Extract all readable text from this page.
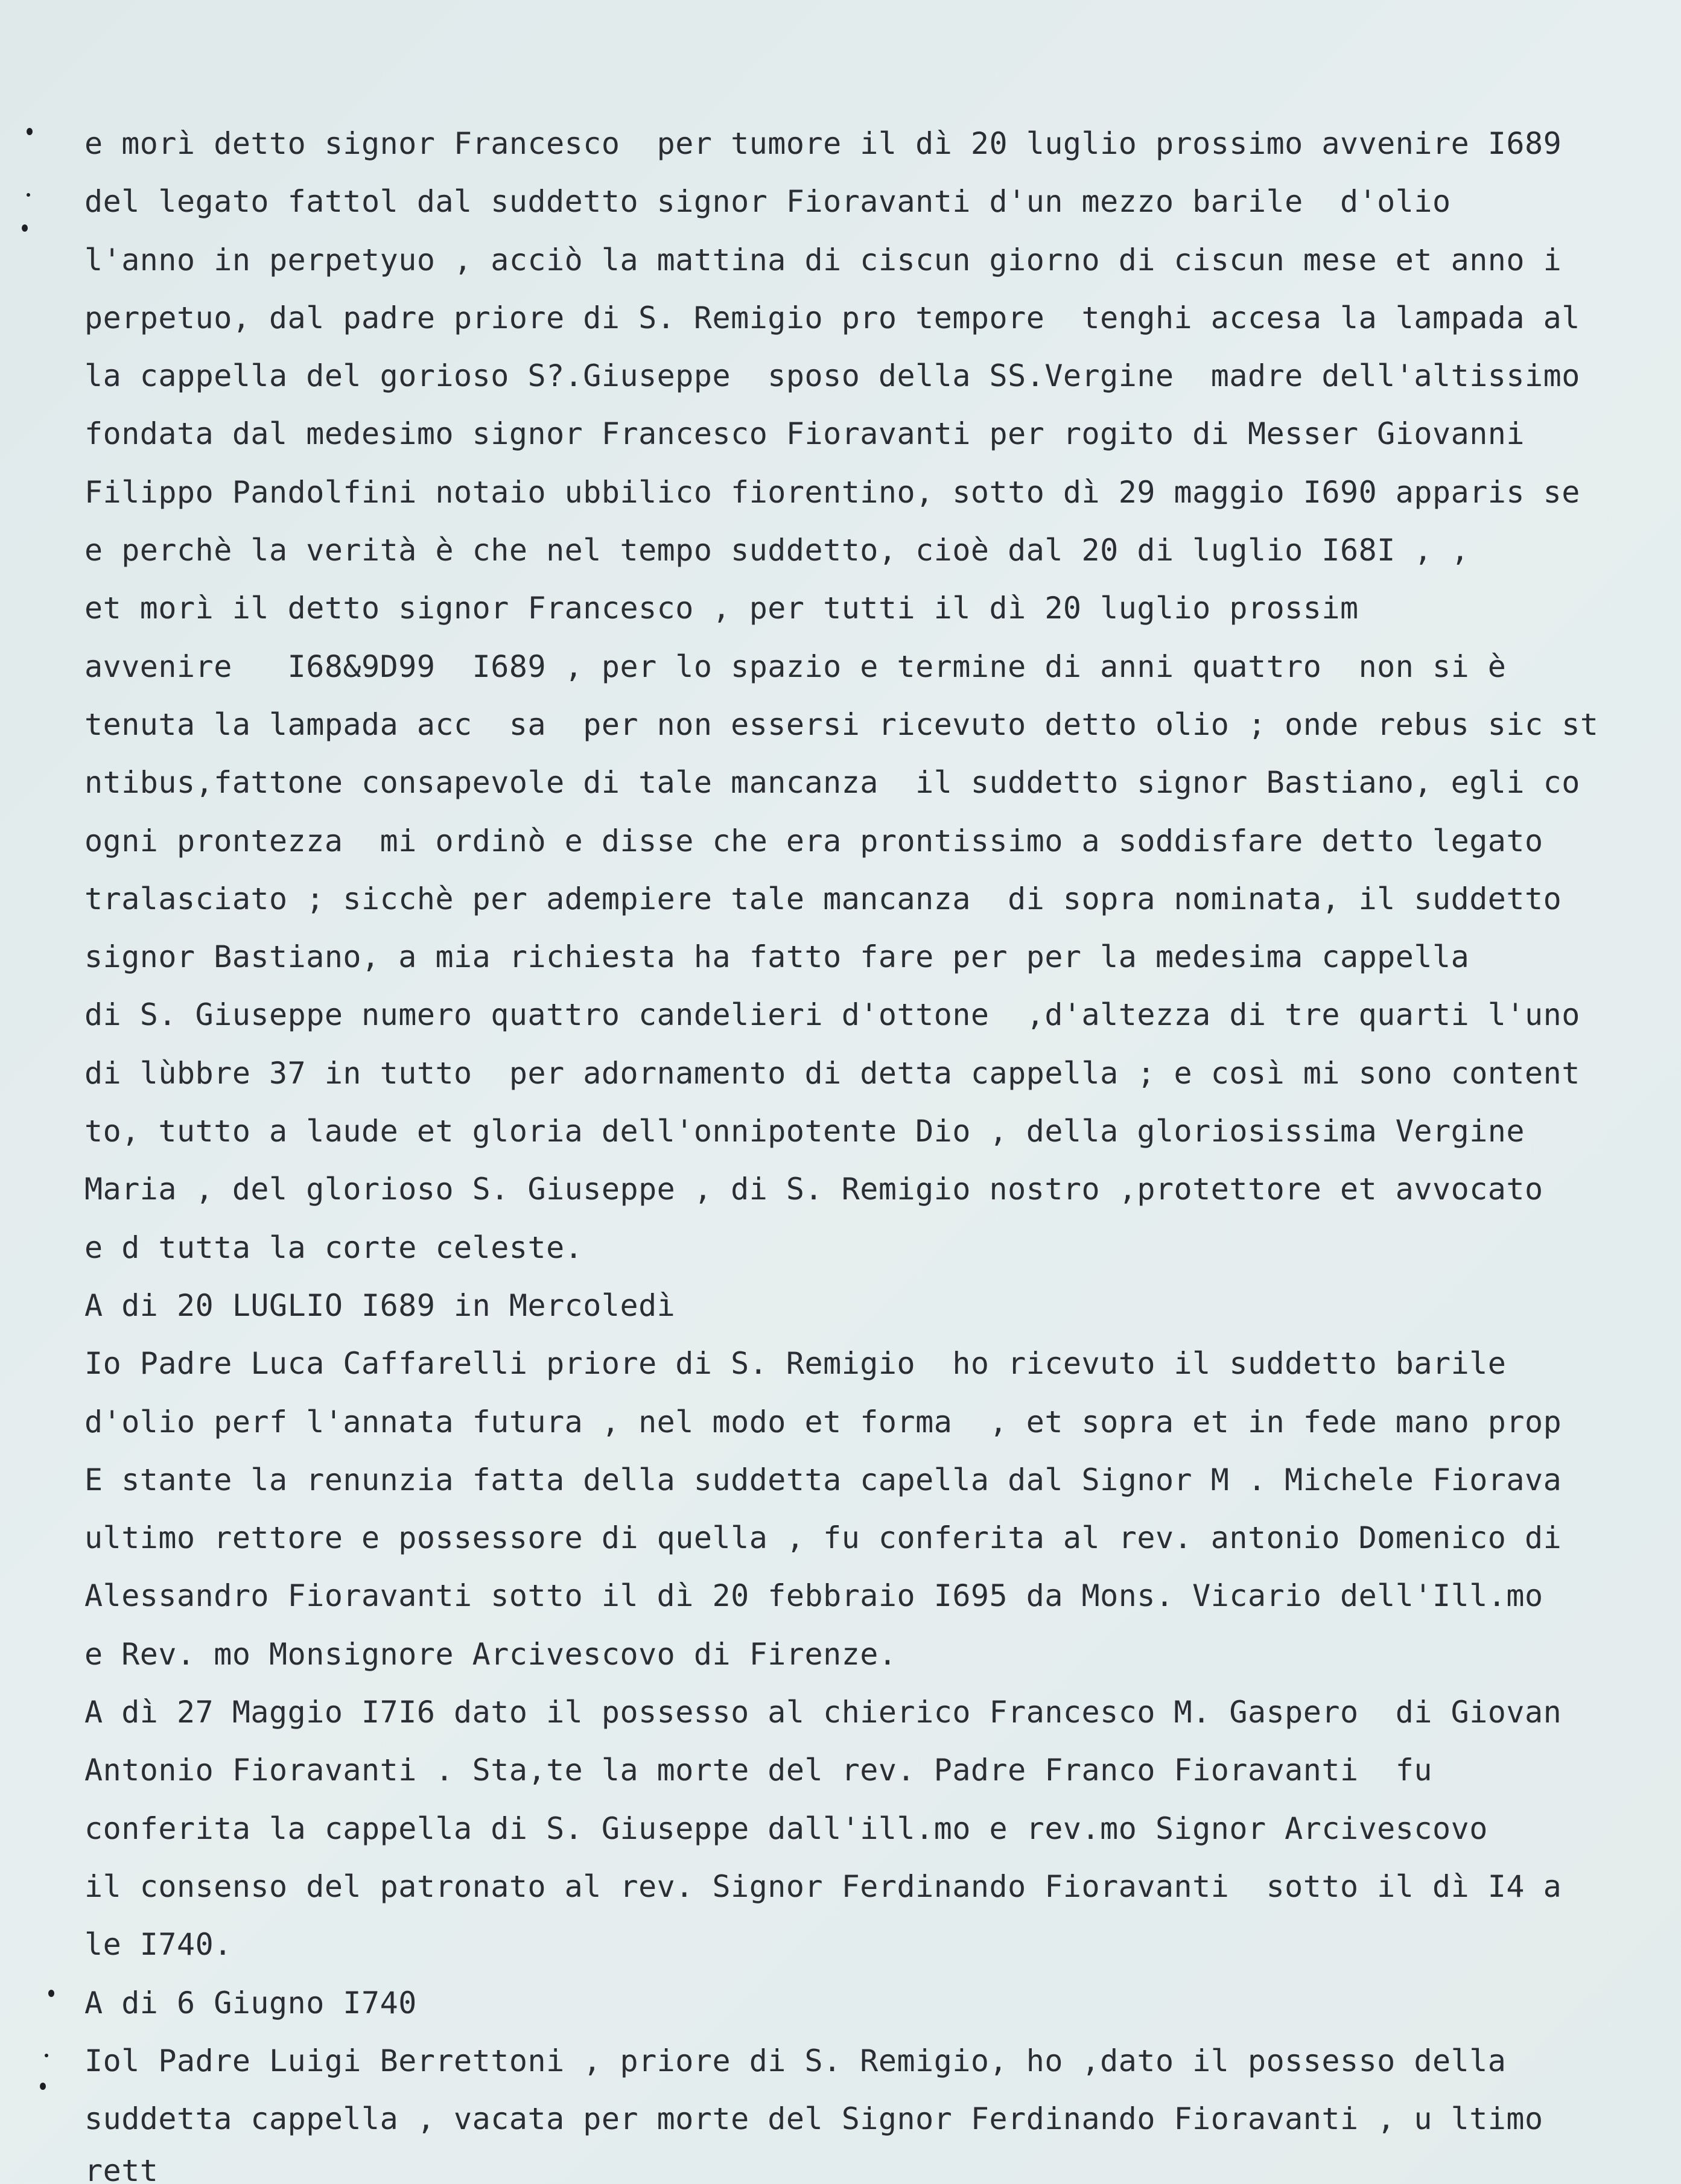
e morì detto signor Francesco  per tumore il dì 20 luglio prossimo avvenire I689
del legato fattol dal suddetto signor Fioravanti d'un mezzo barile  d'olio
l'anno in perpetyuo , acciò la mattina di ciscun giorno di ciscun mese et anno i
perpetuo, dal padre priore di S. Remigio pro tempore  tenghi accesa la lampada al
la cappella del gorioso S?.Giuseppe  sposo della SS.Vergine  madre dell'altissimo
fondata dal medesimo signor Francesco Fioravanti per rogito di Messer Giovanni
Filippo Pandolfini notaio ubbilico fiorentino, sotto dì 29 maggio I690 apparis se
e perchè la verità è che nel tempo suddetto, cioè dal 20 di luglio I68I , ,
et morì il detto signor Francesco , per tutti il dì 20 luglio prossim
avvenire   I68&9D99  I689 , per lo spazio e termine di anni quattro  non si è
tenuta la lampada acc  sa  per non essersi ricevuto detto olio ; onde rebus sic st
ntibus,fattone consapevole di tale mancanza  il suddetto signor Bastiano, egli co
ogni prontezza  mi ordinò e disse che era prontissimo a soddisfare detto legato
tralasciato ; sicchè per adempiere tale mancanza  di sopra nominata, il suddetto
signor Bastiano, a mia richiesta ha fatto fare per per la medesima cappella
di S. Giuseppe numero quattro candelieri d'ottone  ,d'altezza di tre quarti l'uno
di lùbbre 37 in tutto  per adornamento di detta cappella ; e così mi sono content
to, tutto a laude et gloria dell'onnipotente Dio , della gloriosissima Vergine
Maria , del glorioso S. Giuseppe , di S. Remigio nostro ,protettore et avvocato
e d tutta la corte celeste.
A di 20 LUGLIO I689 in Mercoledì
Io Padre Luca Caffarelli priore di S. Remigio  ho ricevuto il suddetto barile
d'olio perf l'annata futura , nel modo et forma  , et sopra et in fede mano prop
E stante la renunzia fatta della suddetta capella dal Signor M . Michele Fiorava
ultimo rettore e possessore di quella , fu conferita al rev. antonio Domenico di
Alessandro Fioravanti sotto il dì 20 febbraio I695 da Mons. Vicario dell'Ill.mo
e Rev. mo Monsignore Arcivescovo di Firenze.
A dì 27 Maggio I7I6 dato il possesso al chierico Francesco M. Gaspero  di Giovan
Antonio Fioravanti . Sta,te la morte del rev. Padre Franco Fioravanti  fu
conferita la cappella di S. Giuseppe dall'ill.mo e rev.mo Signor Arcivescovo
il consenso del patronato al rev. Signor Ferdinando Fioravanti  sotto il dì I4 a
le I740.
A di 6 Giugno I740
Iol Padre Luigi Berrettoni , priore di S. Remigio, ho ,dato il possesso della
suddetta cappella , vacata per morte del Signor Ferdinando Fioravanti , u ltimo
rett
